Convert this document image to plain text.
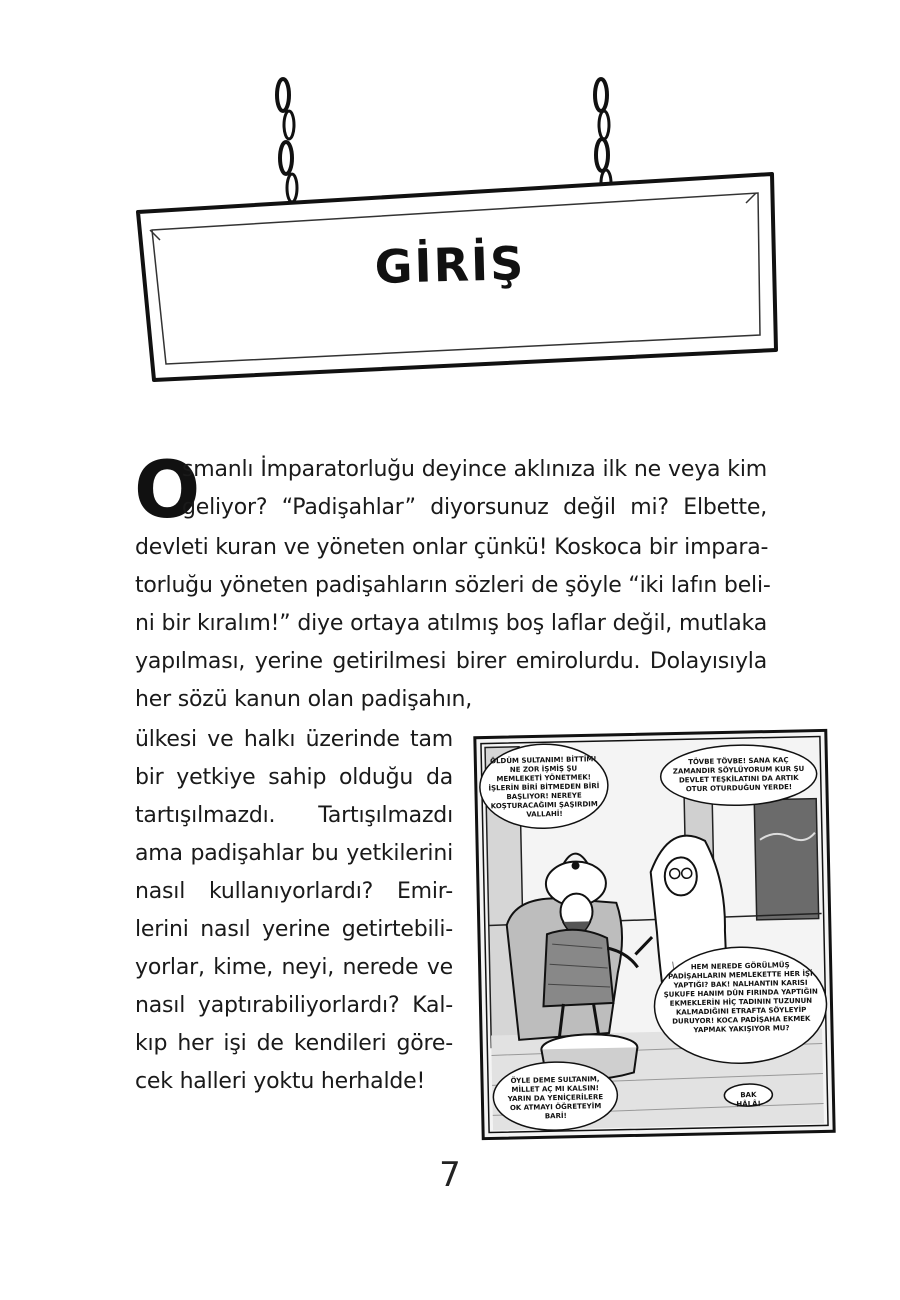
GİRİŞ
O
smanlı İmparatorluğu deyince aklınıza ilk ne veya kim
geliyor? “Padişahlar” diyorsunuz değil mi? Elbette,
devleti kuran ve yöneten onlar çünkü! Koskoca bir impara-
torluğu yöneten padişahların sözleri de şöyle “iki lafın beli-
ni bir kıralım!” diye ortaya atılmış boş laflar değil, mutlaka
yapılması, yerine getirilmesi birer emirolurdu. Dolayısıyla
her sözü kanun olan padişahın,
ülkesi ve halkı üzerinde tam
bir yetkiye sahip olduğu da
tartışılmazdı. Tartışılmazdı
ama padişahlar bu yetkilerini
nasıl kullanıyorlardı? Emir-
lerini nasıl yerine getirtebili-
yorlar, kime, neyi, nerede ve
nasıl yaptırabiliyorlardı? Kal-
kıp her işi de kendileri göre-
cek halleri yoktu herhalde!
ÖLDÜM SULTANIM! BİTTİM! NE ZOR İŞMİŞ ŞU MEMLEKETİ YÖNETMEK! İŞLERİN BİRİ BİTMEDEN BİRİ BAŞLIYOR! NEREYE KOŞTURACAĞIMI ŞAŞIRDIM VALLAHİ!
TÖVBE TÖVBE! SANA KAÇ ZAMANDIR SÖYLÜYORUM KUR ŞU DEVLET TEŞKİLATINI DA ARTIK OTUR OTURDUĞUN YERDE!
HEM NEREDE GÖRÜLMÜŞ PADİŞAHLARIN MEMLEKETTE HER İŞİ YAPTIĞI? BAK! NALHANTIN KARISI ŞUKUFE HANIM DÜN FIRINDA YAPTIĞIN EKMEKLERİN HİÇ TADININ TUZUNUN KALMADIĞINI ETRAFTA SÖYLEYİP DURUYOR! KOCA PADİŞAHA EKMEK YAPMAK YAKIŞIYOR MU?
ÖYLE DEME SULTANIM, MİLLET AÇ MI KALSIN! YARIN DA YENİÇERİLERE OK ATMAYI ÖĞRETEYİM BARİ!
BAK HÂLÂ!
7
